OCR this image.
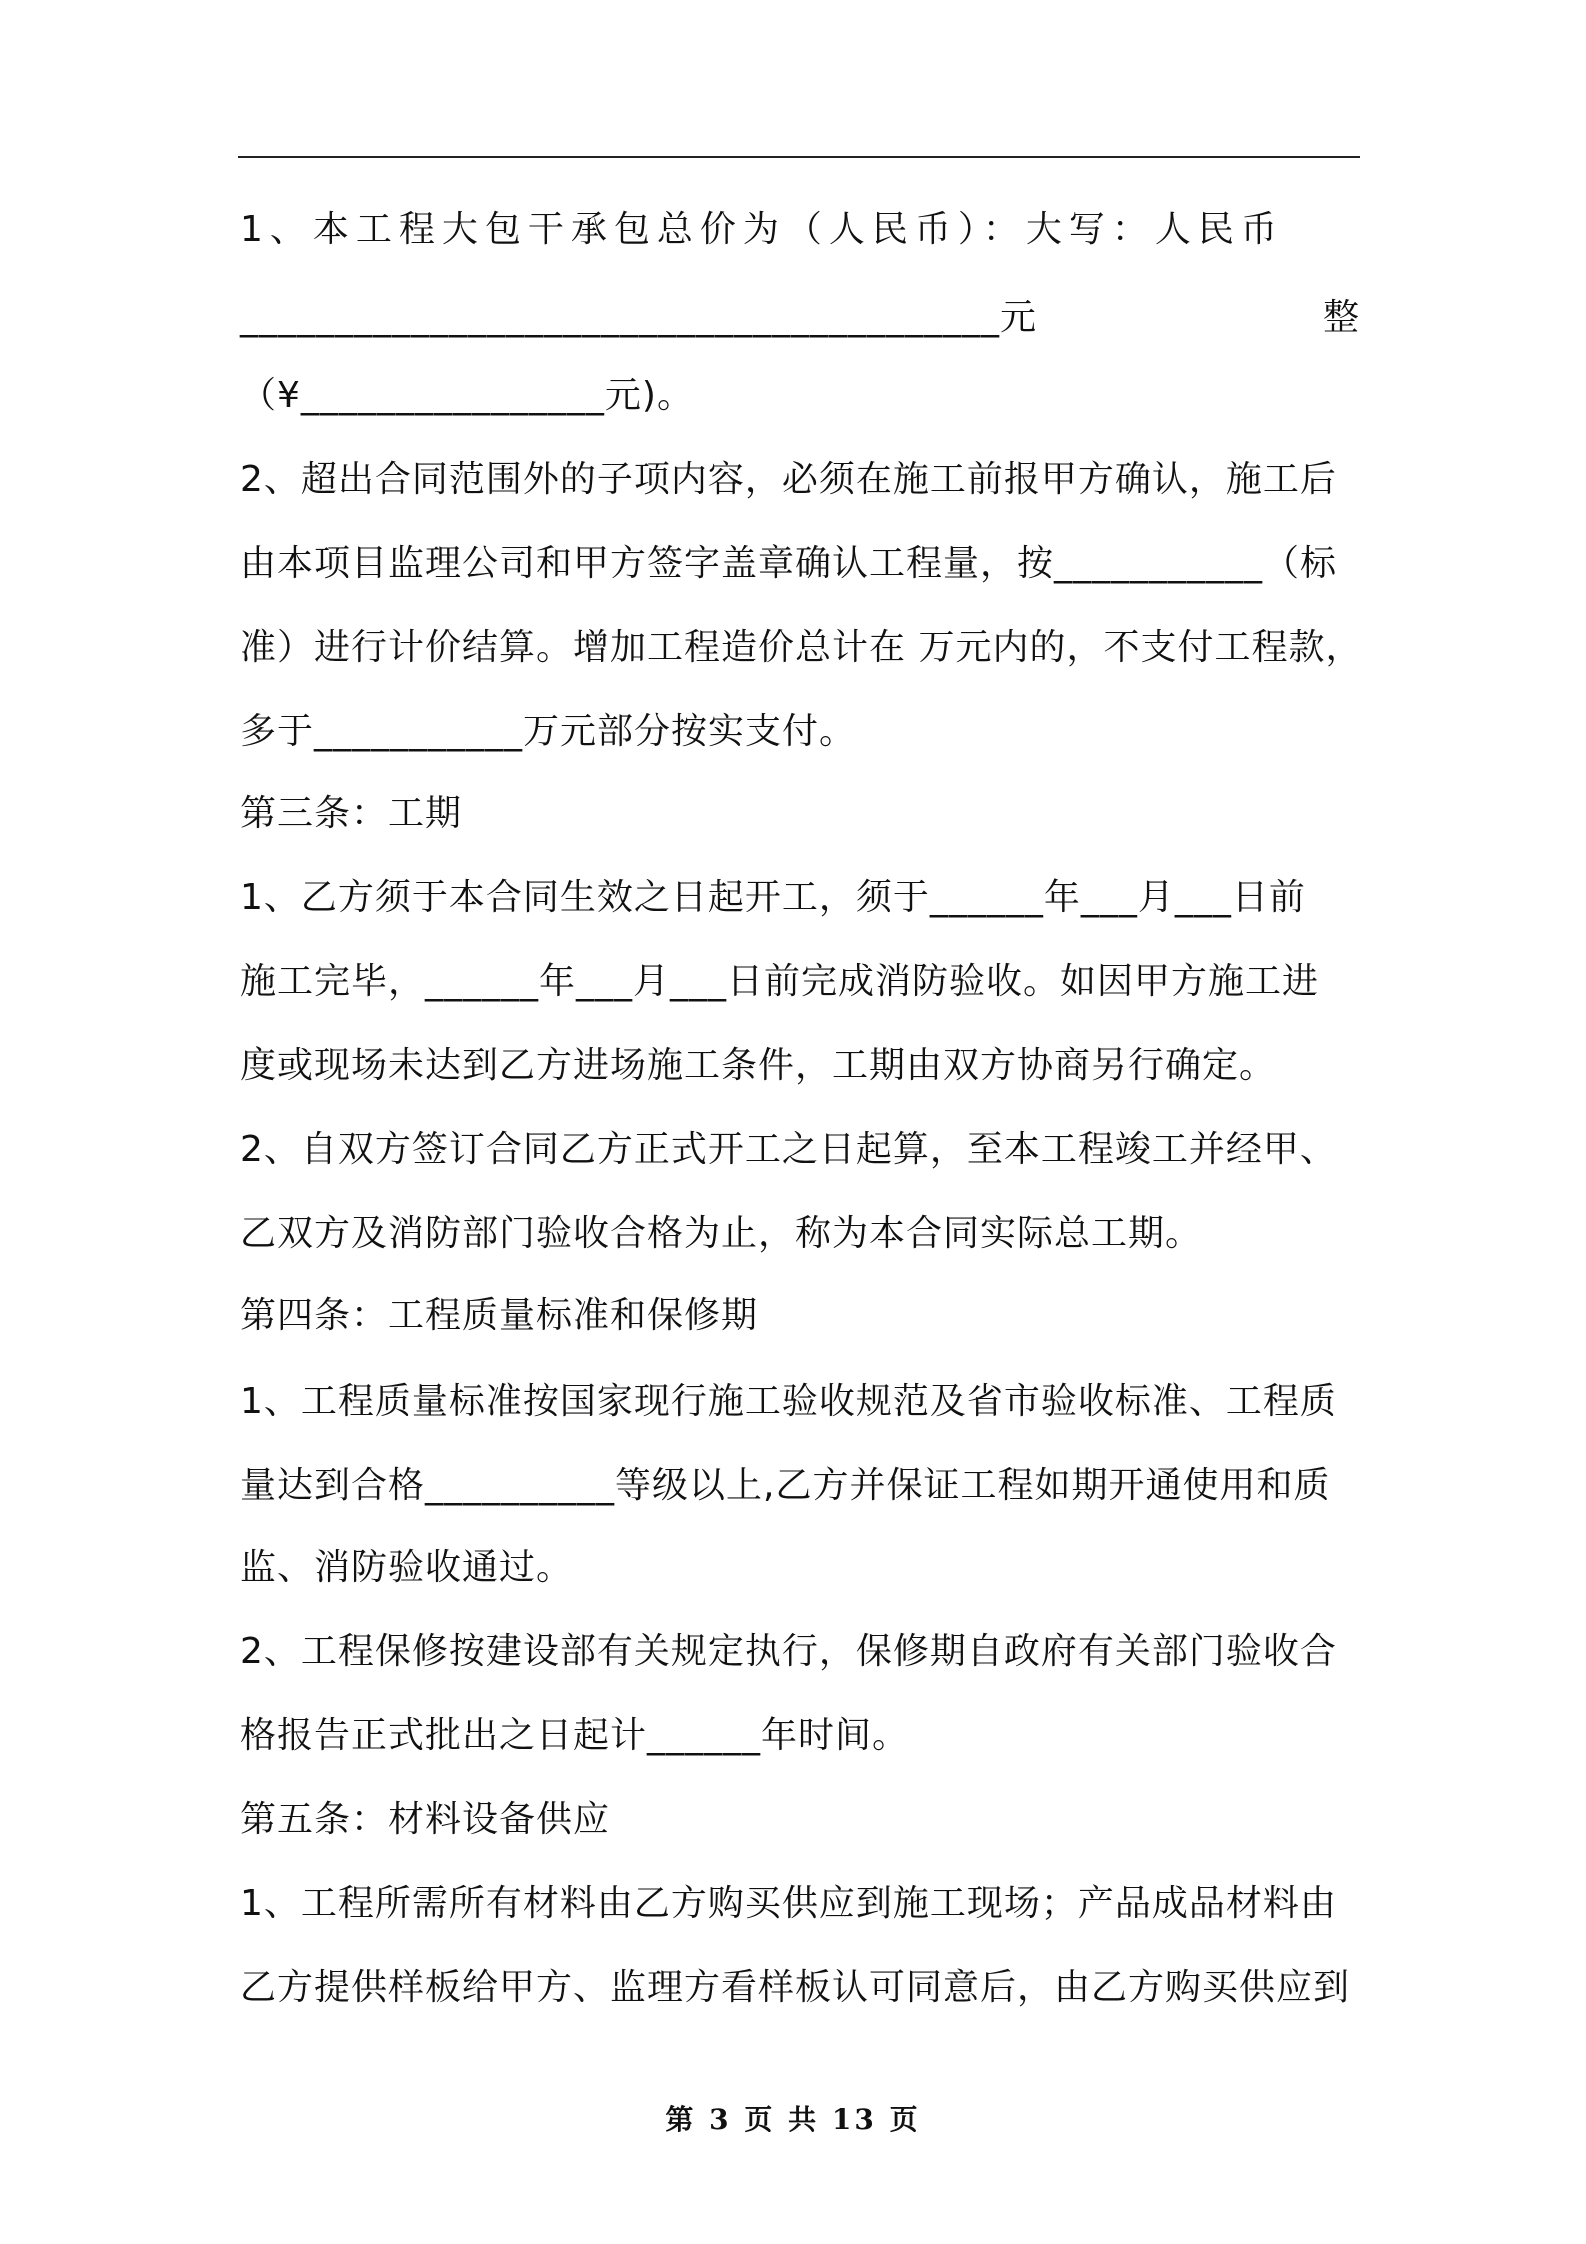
1、本工程大包干承包总价为（人民币）：大写：人民币
________________________________________元	整
（¥________________元)。
2、超出合同范围外的子项内容，必须在施工前报甲方确认，施工后
由本项目监理公司和甲方签字盖章确认工程量，按___________（标
准）进行计价结算。增加工程造价总计在 万元内的，不支付工程款，
多于___________万元部分按实支付。
第三条：工期
1、乙方须于本合同生效之日起开工，须于______年___月___日前
施工完毕，______年___月___日前完成消防验收。如因甲方施工进
度或现场未达到乙方进场施工条件，工期由双方协商另行确定。
2、自双方签订合同乙方正式开工之日起算，至本工程竣工并经甲、
乙双方及消防部门验收合格为止，称为本合同实际总工期。
第四条：工程质量标准和保修期
1、工程质量标准按国家现行施工验收规范及省市验收标准、工程质
量达到合格__________等级以上,乙方并保证工程如期开通使用和质
监、消防验收通过。
2、工程保修按建设部有关规定执行，保修期自政府有关部门验收合
格报告正式批出之日起计______年时间。
第五条：材料设备供应
1、工程所需所有材料由乙方购买供应到施工现场；产品成品材料由
乙方提供样板给甲方、监理方看样板认可同意后，由乙方购买供应到
第 3 页 共 13 页
